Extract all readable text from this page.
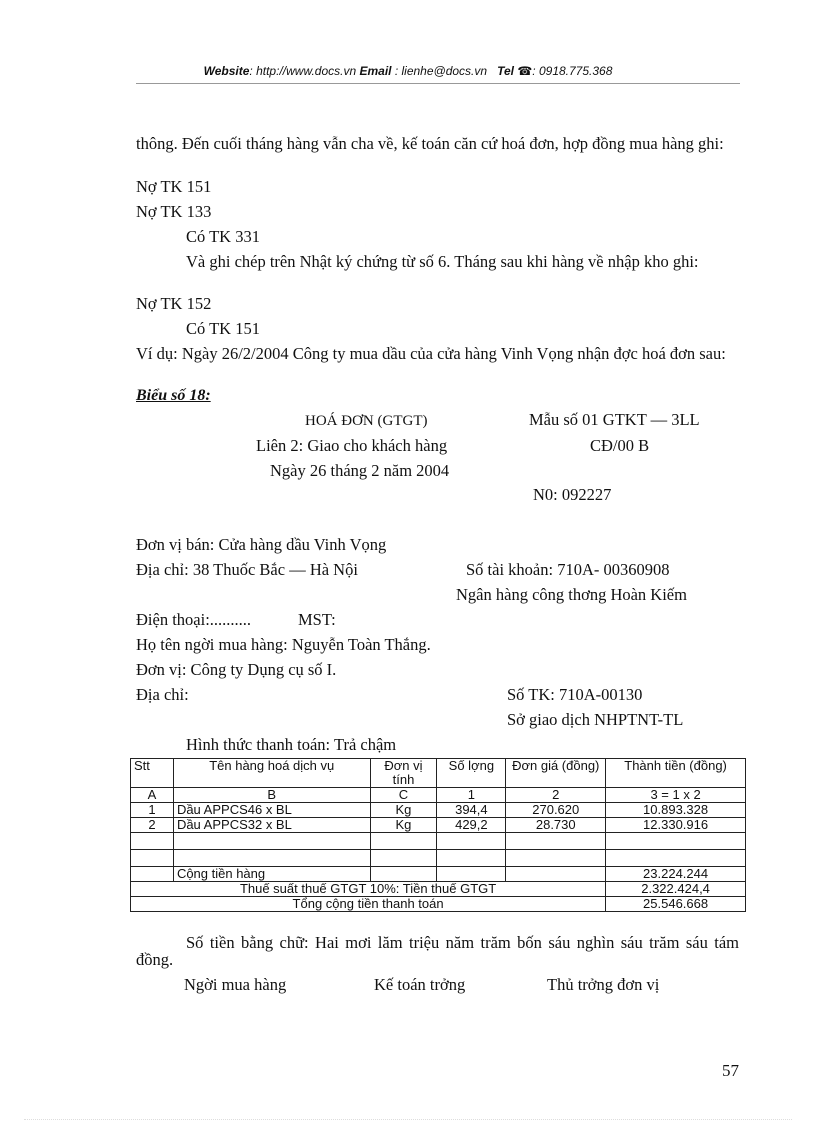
Website: http://www.docs.vn Email : lienhe@docs.vn Tel ☎: 0918.775.368
thông. Đến cuối tháng hàng vẫn cha về, kế toán căn cứ hoá đơn, hợp đồng mua hàng ghi:
Nợ TK 151
Nợ TK 133
Có TK 331
Và ghi chép trên Nhật ký chứng từ số 6. Tháng sau khi hàng về nhập kho ghi:
Nợ TK 152
Có TK 151
Ví dụ: Ngày 26/2/2004 Công ty mua dầu của cửa hàng Vinh Vọng nhận đợc hoá đơn sau:
Biểu số 18:
HOÁ ĐƠN (GTGT)
Liên 2: Giao cho khách hàng
Ngày 26 tháng 2 năm 2004
Mẫu số 01 GTKT — 3LL
CĐ/00 B
N0: 092227
Đơn vị bán: Cửa hàng dầu Vinh Vọng
Địa chỉ: 38 Thuốc Bắc — Hà Nội	Số tài khoản: 710A- 00360908
Ngân hàng công thơng Hoàn Kiếm
Điện thoại:..........	MST:
Họ tên ngời mua hàng: Nguyễn Toàn Thắng.
Đơn vị: Công ty Dụng cụ số I.
Địa chỉ:	Số TK: 710A-00130
Sở giao dịch NHPTNT-TL
Hình thức thanh toán: Trả chậm
Stt	Tên hàng hoá dịch vụ	Đơn vị tính	Số lợng	Đơn giá (đồng)	Thành tiền (đồng)
A	B	C	1	2	3 = 1 x 2
1	Dầu APPCS46 x BL	Kg	394,4	270.620	10.893.328
2	Dầu APPCS32 x BL	Kg	429,2	28.730	12.330.916

	Cộng tiền hàng				23.224.244
Thuế suất thuế GTGT 10%: Tiền thuế GTGT					2.322.424,4
Tổng cộng tiền thanh toán					25.546.668
Số tiền bằng chữ: Hai mơi lăm triệu năm trăm bốn sáu nghìn sáu trăm sáu tám đồng.
Ngời mua hàng	Kế toán trởng	Thủ trởng đơn vị
57
